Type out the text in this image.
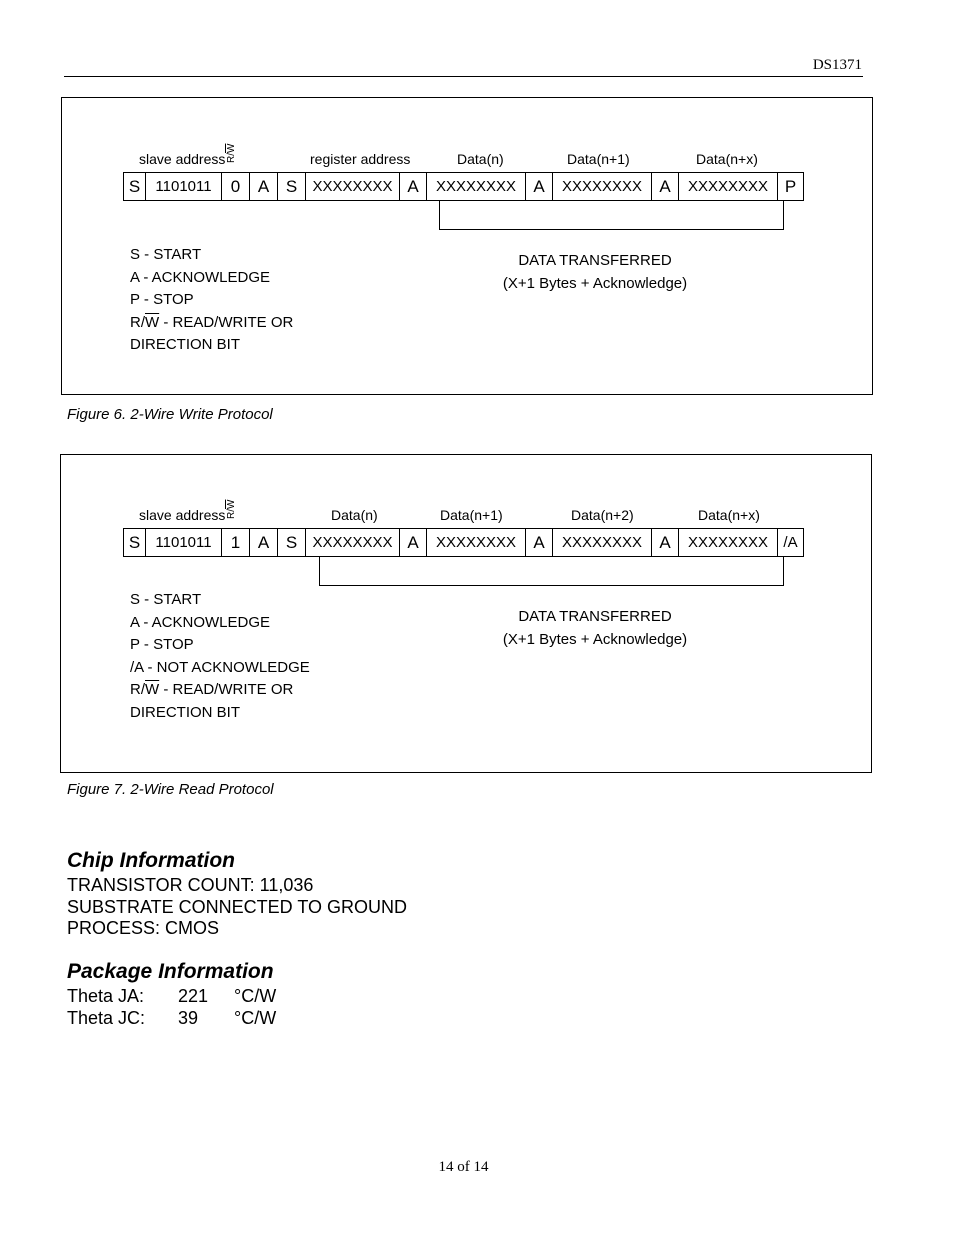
DS1371
slave address $R/\overline{W}$
register address	Data(n)	Data(n+1)	Data(n+x)
S	1101011	0	A S	XXXXXXXX A	XXXXXXXX	A	XXXXXXXX	A	XXXXXXXX P
S - START
A - ACKNOWLEDGE
P - STOP
$R/\overline{W}$ - READ/WRITE OR
DIRECTION BIT
DATA TRANSFERRED
(X+1 Bytes + Acknowledge)
Figure 6. 2-Wire Write Protocol
slave address $R/\overline{W}$
Data(n)	Data(n+1)	Data(n+2)	Data(n+x)
S	1101011	1	A S	XXXXXXXX A	XXXXXXXX	A	XXXXXXXX	A	XXXXXXXX	/A
S - START
A - ACKNOWLEDGE
P - STOP
/A - NOT ACKNOWLEDGE
$R/\overline{W}$ - READ/WRITE OR
DIRECTION BIT
DATA TRANSFERRED
(X+1 Bytes + Acknowledge)
Figure 7. 2-Wire Read Protocol
Chip Information
TRANSISTOR COUNT: 11,036
SUBSTRATE CONNECTED TO GROUND
PROCESS: CMOS
Package Information
Theta JA: 221 °C/W
Theta JC: 39 °C/W
14 of 14
